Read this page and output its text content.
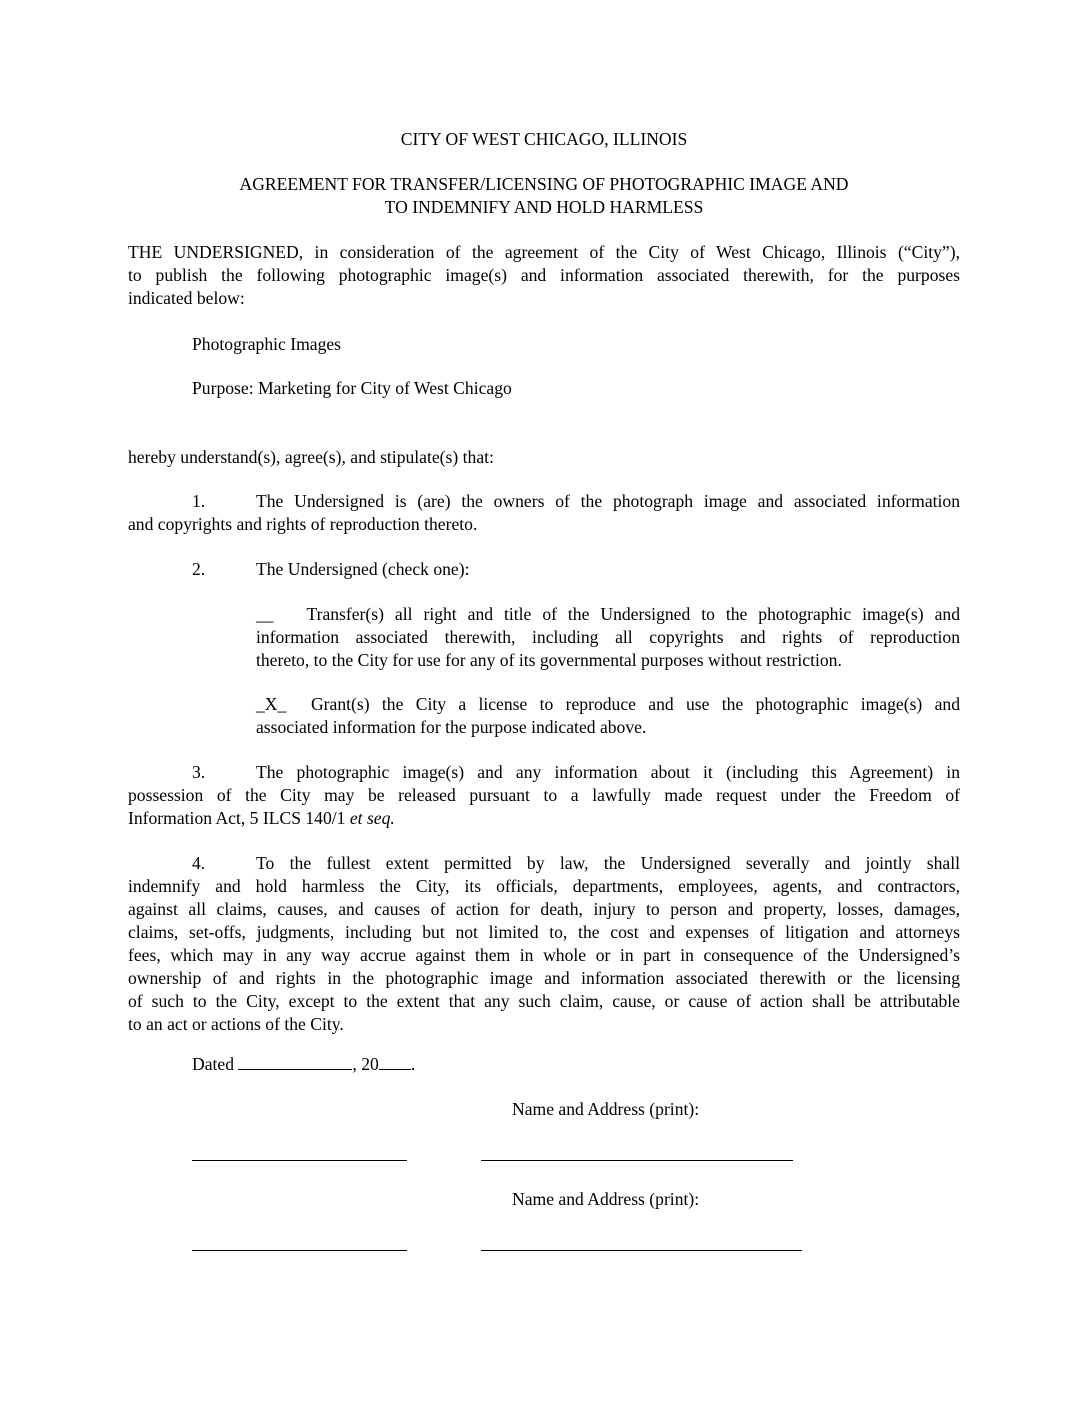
CITY OF WEST CHICAGO, ILLINOIS
AGREEMENT FOR TRANSFER/LICENSING OF PHOTOGRAPHIC IMAGE AND
TO INDEMNIFY AND HOLD HARMLESS
THE UNDERSIGNED, in consideration of the agreement of the City of West Chicago, Illinois (“City”),
to publish the following photographic image(s) and information associated therewith, for the purposes
indicated below:
Photographic Images
Purpose: Marketing for City of West Chicago
hereby understand(s), agree(s), and stipulate(s) that:
1.	The Undersigned is (are) the owners of the photograph image and associated information
and copyrights and rights of reproduction thereto.
2.	The Undersigned (check one):
__ Transfer(s) all right and title of the Undersigned to the photographic image(s) and
information associated therewith, including all copyrights and rights of reproduction
thereto, to the City for use for any of its governmental purposes without restriction.
_X_ Grant(s) the City a license to reproduce and use the photographic image(s) and
associated information for the purpose indicated above.
3.	The photographic image(s) and any information about it (including this Agreement) in
possession of the City may be released pursuant to a lawfully made request under the Freedom of
Information Act, 5 ILCS 140/1 et seq.
4.	To the fullest extent permitted by law, the Undersigned severally and jointly shall
indemnify and hold harmless the City, its officials, departments, employees, agents, and contractors,
against all claims, causes, and causes of action for death, injury to person and property, losses, damages,
claims, set-offs, judgments, including but not limited to, the cost and expenses of litigation and attorneys
fees, which may in any way accrue against them in whole or in part in consequence of the Undersigned’s
ownership of and rights in the photographic image and information associated therewith or the licensing
of such to the City, except to the extent that any such claim, cause, or cause of action shall be attributable
to an act or actions of the City.
Dated	, 20 .
Name and Address (print):
Name and Address (print):
